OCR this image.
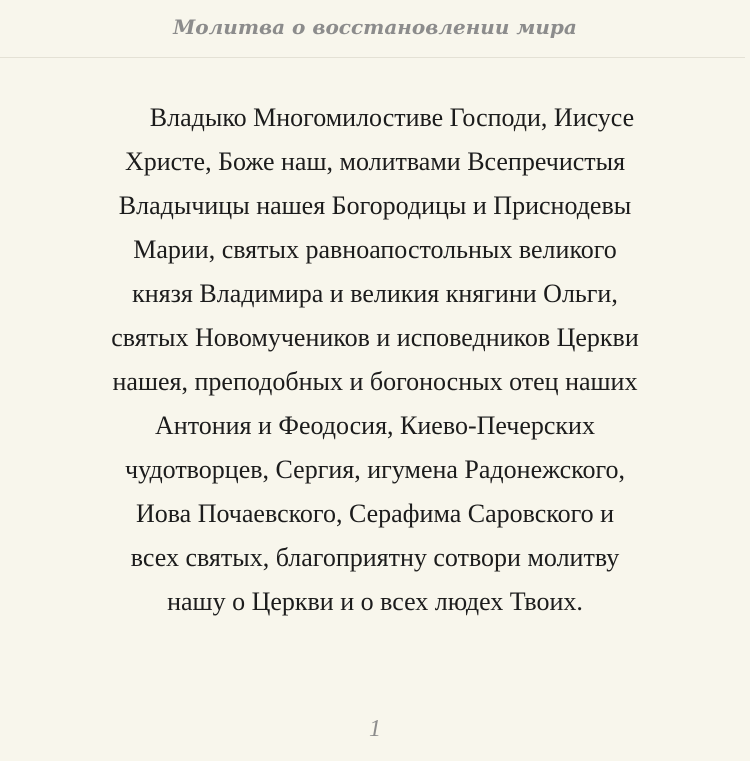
Молитва о восстановлении мира

Владыко Многомилостиве Господи, Иисусе
Христе, Боже наш, молитвами Всепречистыя
Владычицы нашея Богородицы и Приснодевы
Марии, святых равноапостольных великого
князя Владимира и великия княгини Ольги,
святых Новомучеников и исповедников Церкви
нашея, преподобных и богоносных отец наших
Антония и Феодосия, Киево-Печерских
чудотворцев, Сергия, игумена Радонежского,
Иова Почаевского, Серафима Саровского и
всех святых, благоприятну сотвори молитву
нашу о Церкви и о всех людех Твоих.

1
